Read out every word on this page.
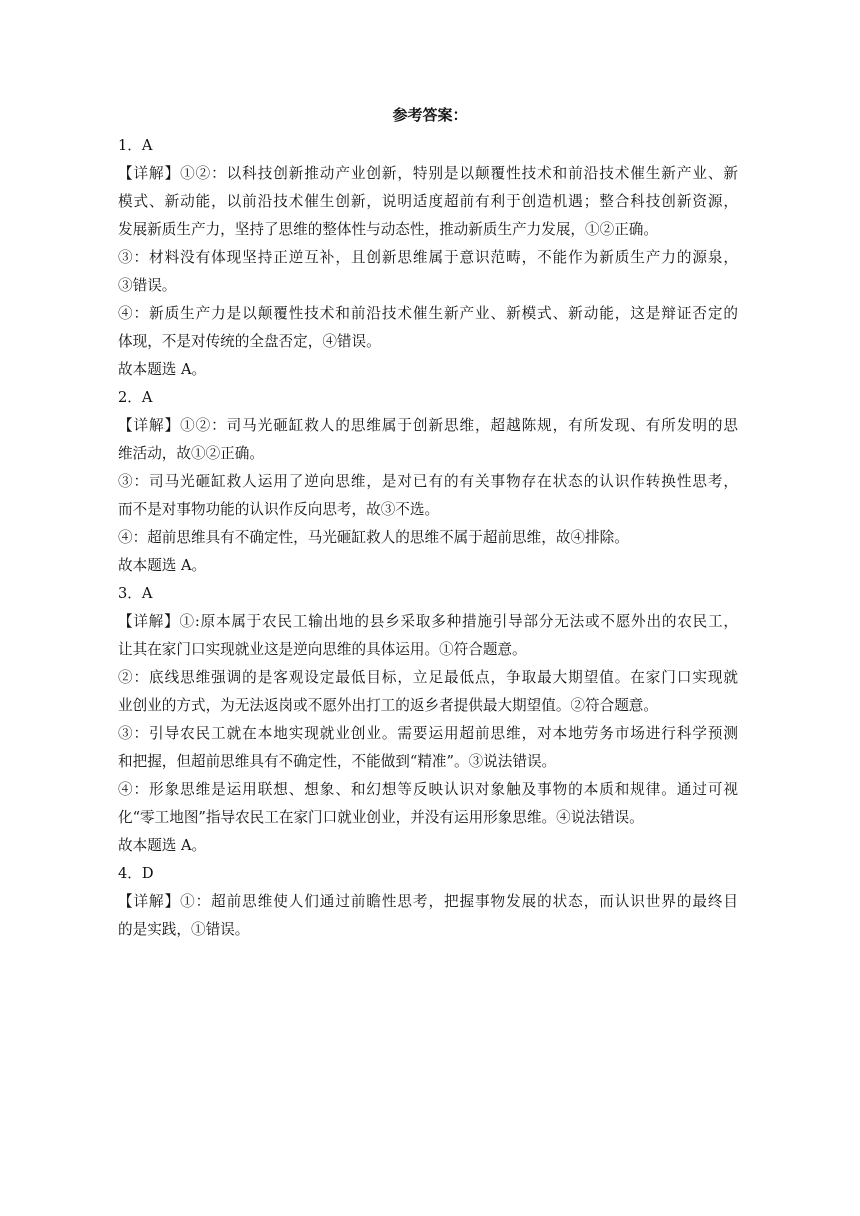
参考答案：
1．A
【详解】①②：以科技创新推动产业创新，特别是以颠覆性技术和前沿技术催生新产业、新
模式、新动能，以前沿技术催生创新，说明适度超前有利于创造机遇；整合科技创新资源，
发展新质生产力，坚持了思维的整体性与动态性，推动新质生产力发展，①②正确。
③：材料没有体现坚持正逆互补，且创新思维属于意识范畴，不能作为新质生产力的源泉，
③错误。
④：新质生产力是以颠覆性技术和前沿技术催生新产业、新模式、新动能，这是辩证否定的
体现，不是对传统的全盘否定，④错误。
故本题选 A。
2．A
【详解】①②：司马光砸缸救人的思维属于创新思维，超越陈规，有所发现、有所发明的思
维活动，故①②正确。
③：司马光砸缸救人运用了逆向思维，是对已有的有关事物存在状态的认识作转换性思考，
而不是对事物功能的认识作反向思考，故③不选。
④：超前思维具有不确定性，马光砸缸救人的思维不属于超前思维，故④排除。
故本题选 A。
3．A
【详解】①:原本属于农民工输出地的县乡采取多种措施引导部分无法或不愿外出的农民工，
让其在家门口实现就业这是逆向思维的具体运用。①符合题意。
②：底线思维强调的是客观设定最低目标，立足最低点，争取最大期望值。在家门口实现就
业创业的方式，为无法返岗或不愿外出打工的返乡者提供最大期望值。②符合题意。
③：引导农民工就在本地实现就业创业。需要运用超前思维，对本地劳务市场进行科学预测
和把握，但超前思维具有不确定性，不能做到“精准”。③说法错误。
④：形象思维是运用联想、想象、和幻想等反映认识对象触及事物的本质和规律。通过可视
化“零工地图”指导农民工在家门口就业创业，并没有运用形象思维。④说法错误。
故本题选 A。
4．D
【详解】①：超前思维使人们通过前瞻性思考，把握事物发展的状态，而认识世界的最终目
的是实践，①错误。
